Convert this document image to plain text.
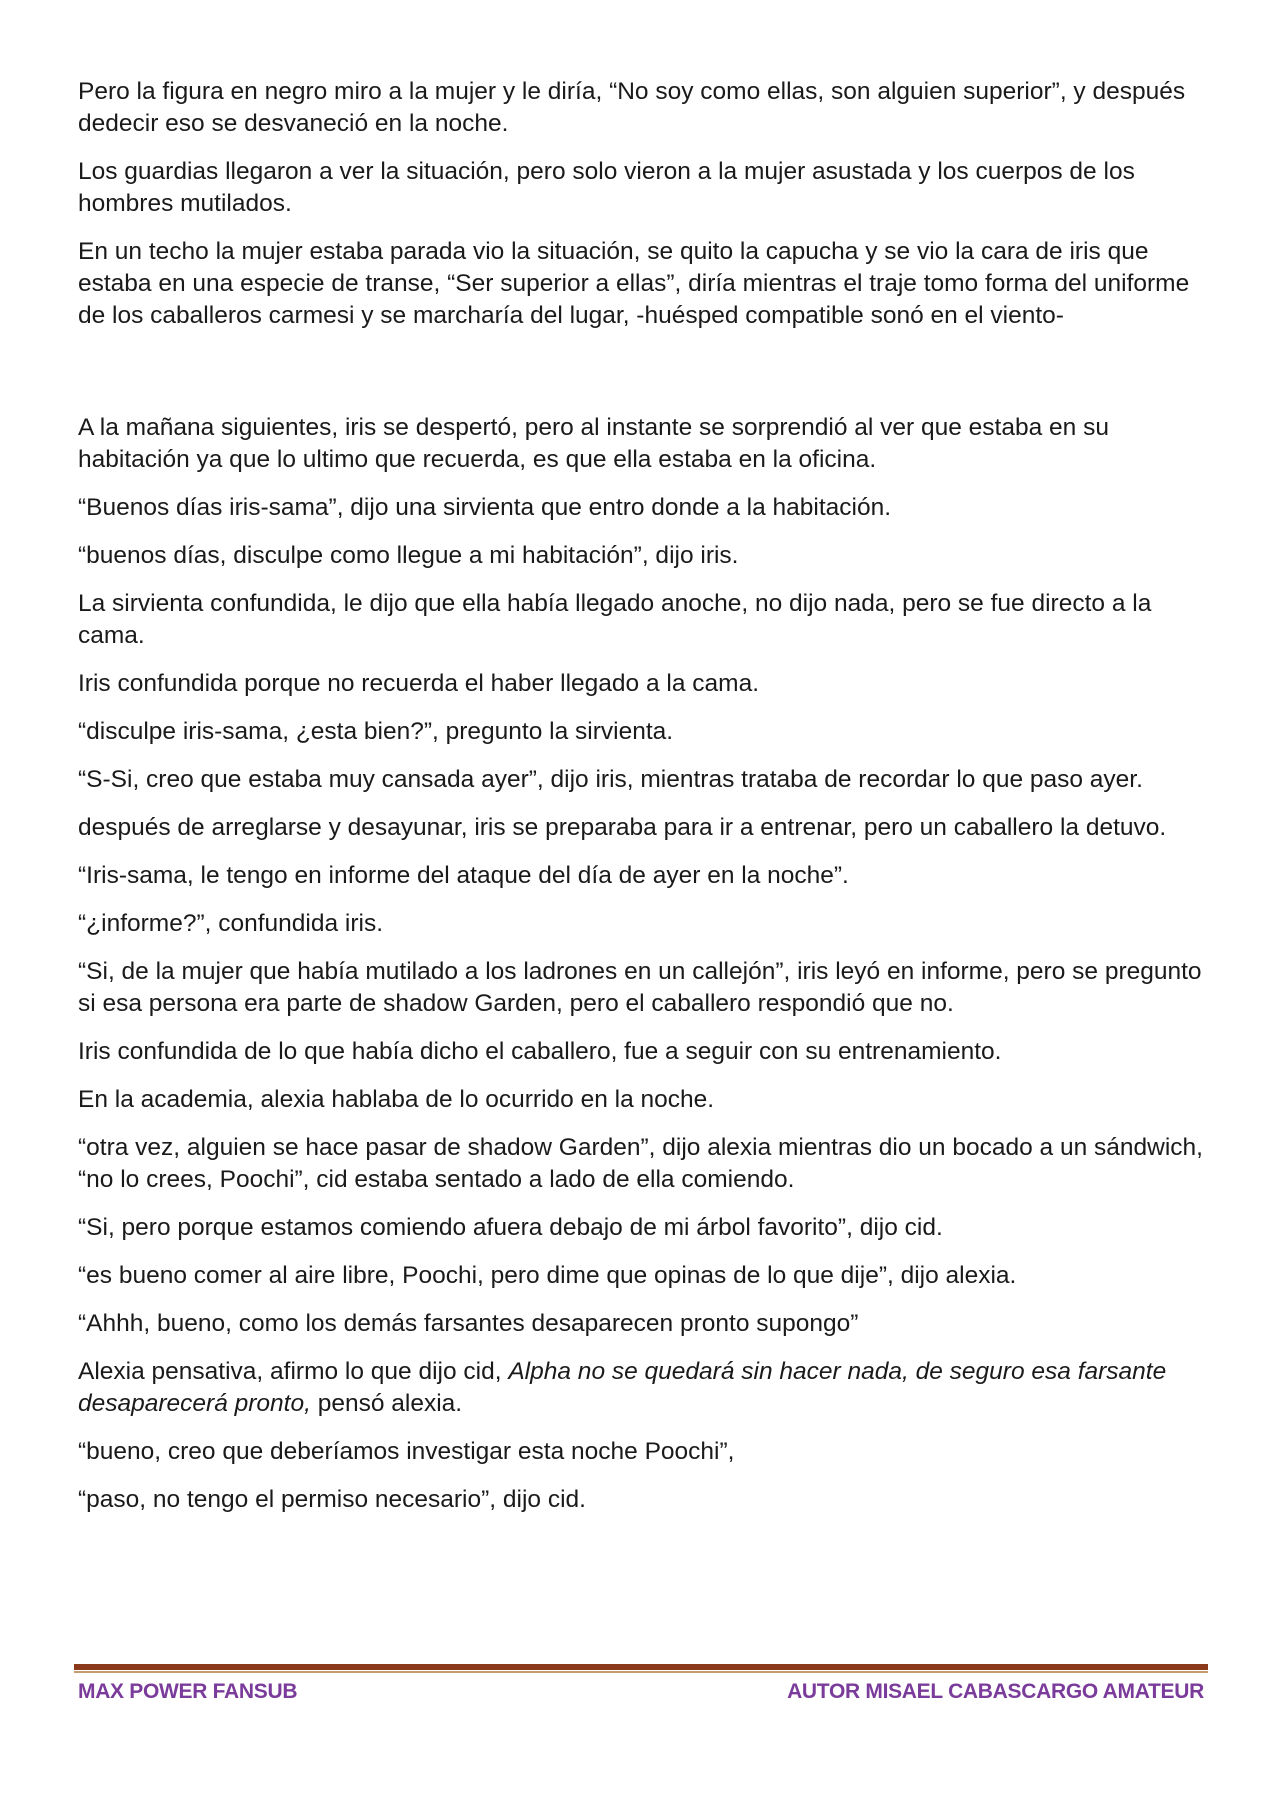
Pero la figura en negro miro a la mujer y le diría, “No soy como ellas, son alguien superior”, y después dedecir eso se desvaneció en la noche.

Los guardias llegaron a ver la situación, pero solo vieron a la mujer asustada y los cuerpos de los hombres mutilados.

En un techo la mujer estaba parada vio la situación, se quito la capucha y se vio la cara de iris que estaba en una especie de transe, “Ser superior a ellas”, diría mientras el traje tomo forma del uniforme de los caballeros carmesi y se marcharía del lugar, -huésped compatible sonó en el viento-

A la mañana siguientes, iris se despertó, pero al instante se sorprendió al ver que estaba en su habitación ya que lo ultimo que recuerda, es que ella estaba en la oficina.

“Buenos días iris-sama”, dijo una sirvienta que entro donde a la habitación.

“buenos días, disculpe como llegue a mi habitación”, dijo iris.

La sirvienta confundida, le dijo que ella había llegado anoche, no dijo nada, pero se fue directo a la cama.

Iris confundida porque no recuerda el haber llegado a la cama.

“disculpe iris-sama, ¿esta bien?”, pregunto la sirvienta.

“S-Si, creo que estaba muy cansada ayer”, dijo iris, mientras trataba de recordar lo que paso ayer.

después de arreglarse y desayunar, iris se preparaba para ir a entrenar, pero un caballero la detuvo.

“Iris-sama, le tengo en informe del ataque del día de ayer en la noche”.

“¿informe?”, confundida iris.

“Si, de la mujer que había mutilado a los ladrones en un callejón”, iris leyó en informe, pero se pregunto si esa persona era parte de shadow Garden, pero el caballero respondió que no.

Iris confundida de lo que había dicho el caballero, fue a seguir con su entrenamiento.

En la academia, alexia hablaba de lo ocurrido en la noche.

“otra vez, alguien se hace pasar de shadow Garden”, dijo alexia mientras dio un bocado a un sándwich, “no lo crees, Poochi”, cid estaba sentado a lado de ella comiendo.

“Si, pero porque estamos comiendo afuera debajo de mi árbol favorito”, dijo cid.

“es bueno comer al aire libre, Poochi, pero dime que opinas de lo que dije”, dijo alexia.

“Ahhh, bueno, como los demás farsantes desaparecen pronto supongo”

Alexia pensativa, afirmo lo que dijo cid, Alpha no se quedará sin hacer nada, de seguro esa farsante desaparecerá pronto, pensó alexia.

“bueno, creo que deberíamos investigar esta noche Poochi”,

“paso, no tengo el permiso necesario”, dijo cid.

MAX POWER FANSUB	AUTOR MISAEL CABASCARGO AMATEUR
